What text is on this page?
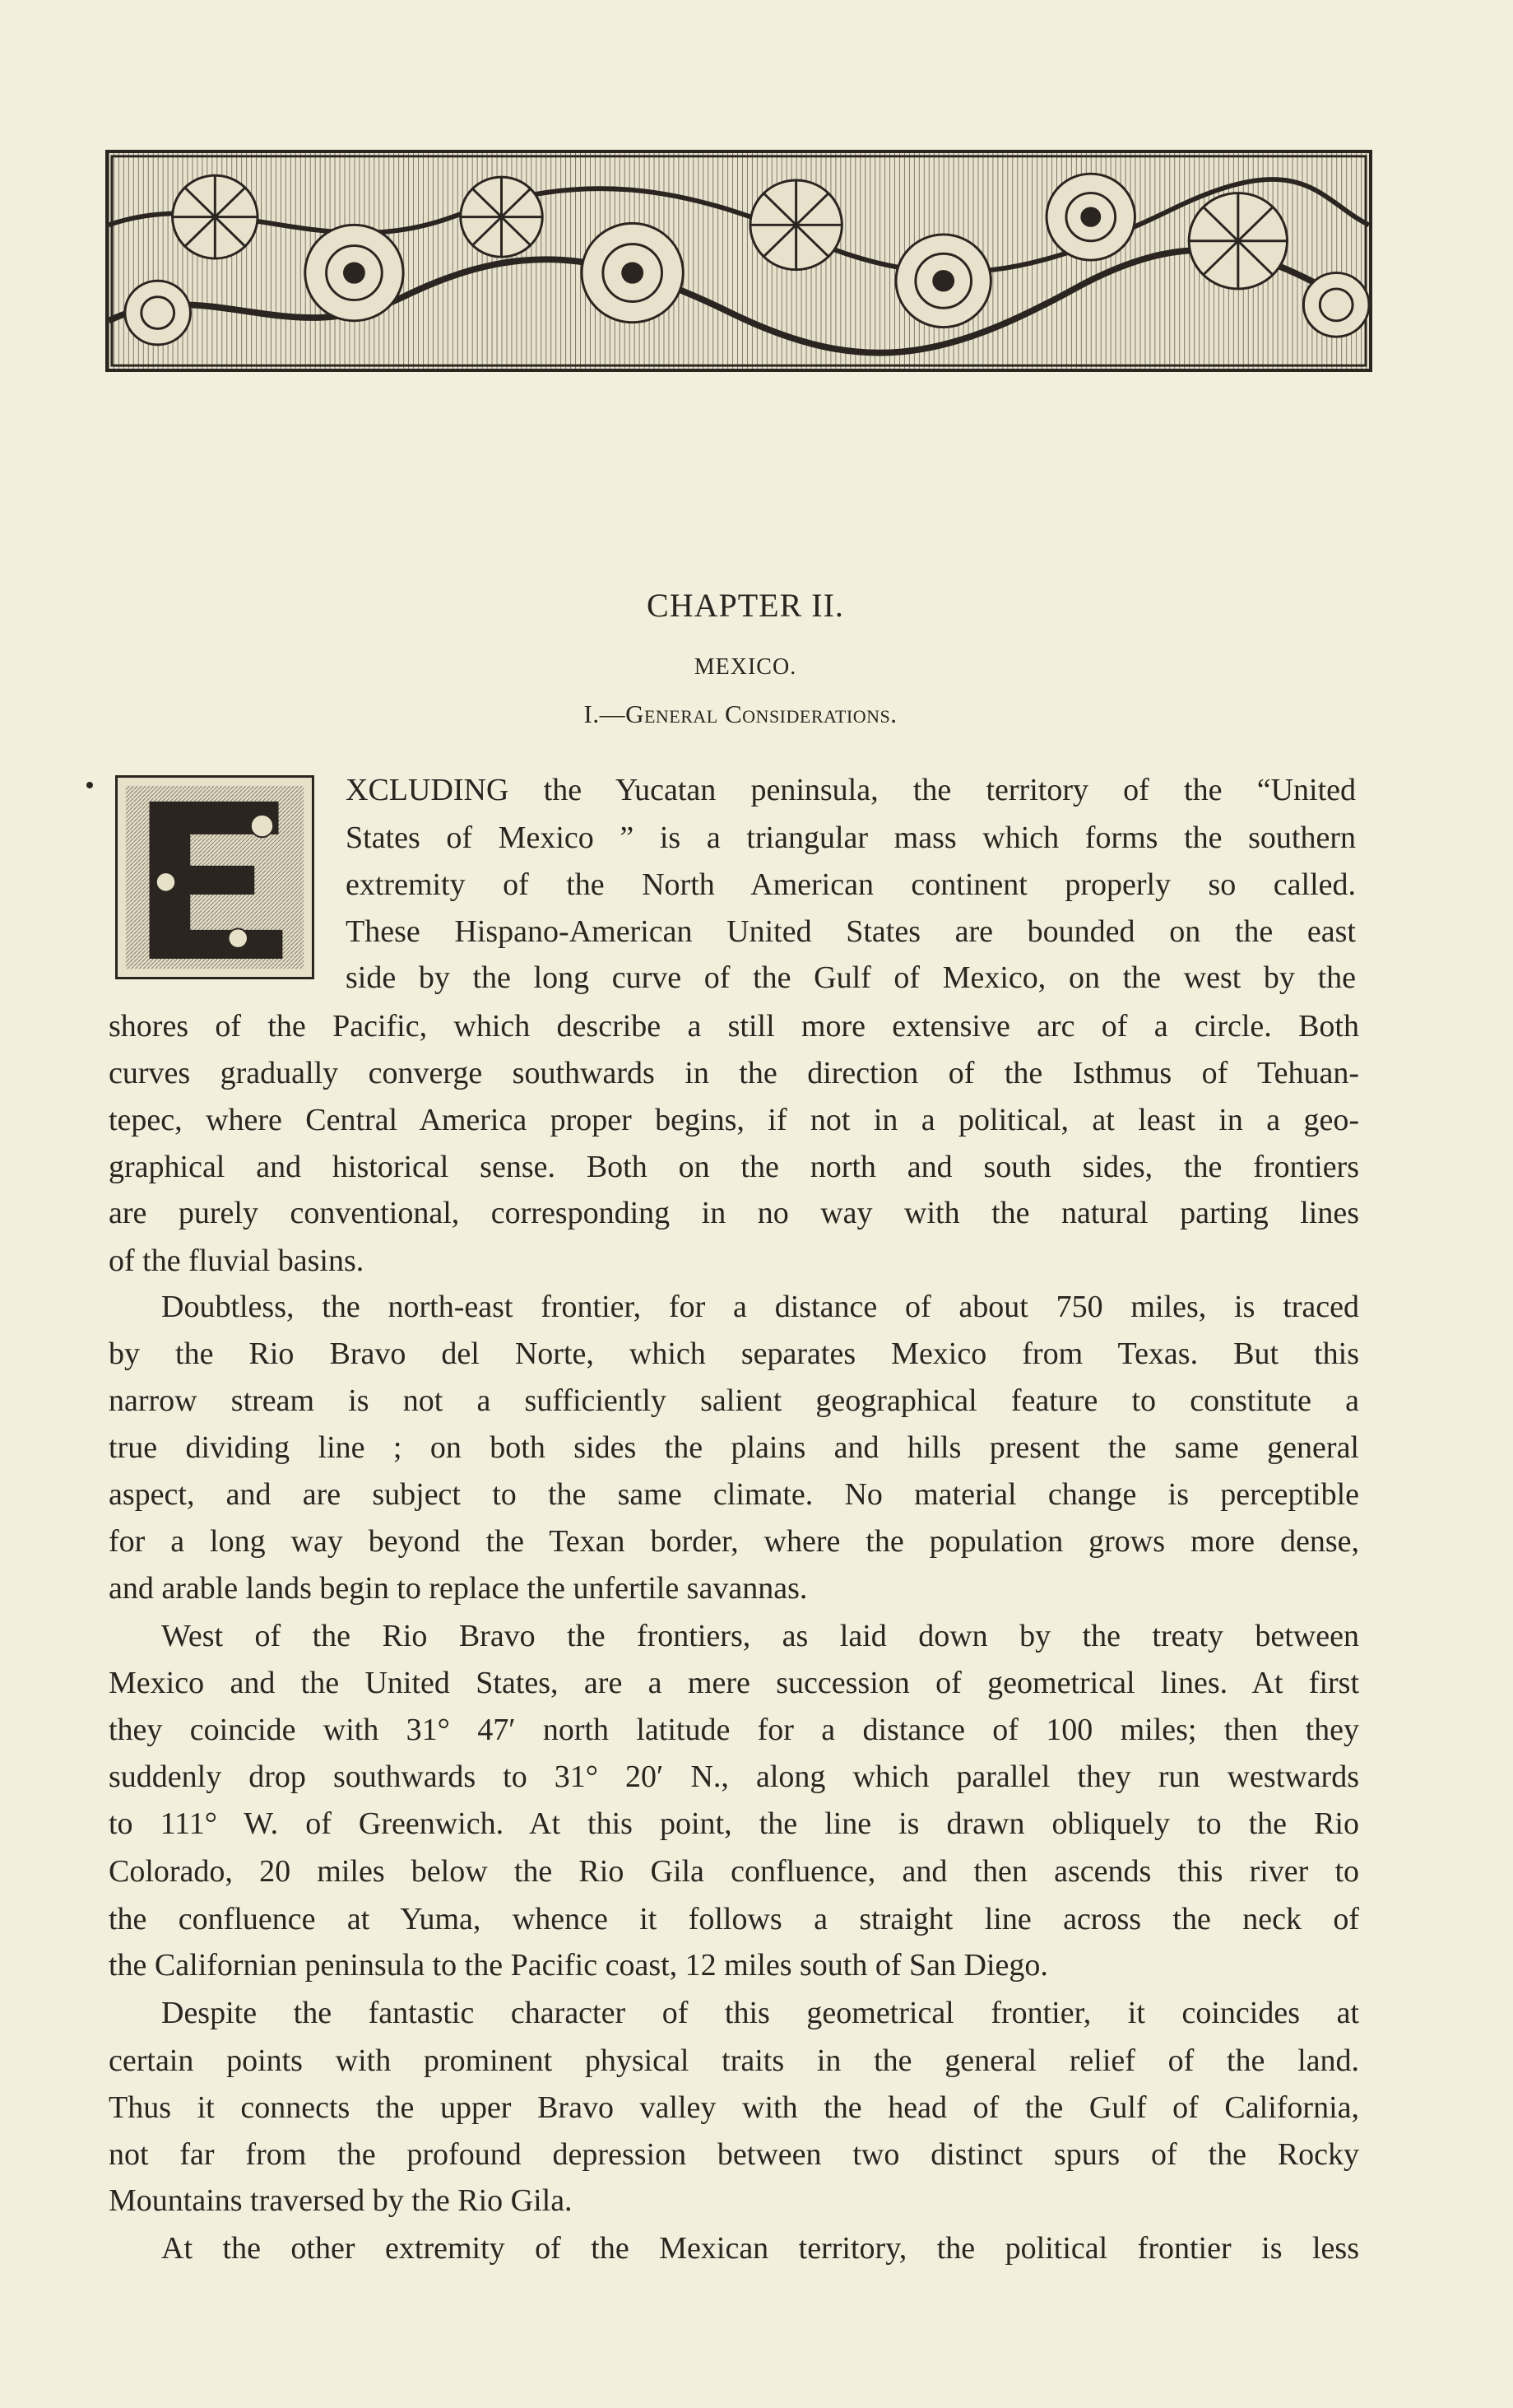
CHAPTER II.
MEXICO.
I.—General Considerations.
XCLUDING the Yucatan peninsula, the territory of the “United
States of Mexico ” is a triangular mass which forms the southern
extremity of the North American continent properly so called.
These Hispano-American United States are bounded on the east
side by the long curve of the Gulf of Mexico, on the west by the
shores of the Pacific, which describe a still more extensive arc of a circle. Both
curves gradually converge southwards in the direction of the Isthmus of Tehuan-
tepec, where Central America proper begins, if not in a political, at least in a geo-
graphical and historical sense. Both on the north and south sides, the frontiers
are purely conventional, corresponding in no way with the natural parting lines
of the fluvial basins.
Doubtless, the north-east frontier, for a distance of about 750 miles, is traced
by the Rio Bravo del Norte, which separates Mexico from Texas. But this
narrow stream is not a sufficiently salient geographical feature to constitute a
true dividing line ; on both sides the plains and hills present the same general
aspect, and are subject to the same climate. No material change is perceptible
for a long way beyond the Texan border, where the population grows more dense,
and arable lands begin to replace the unfertile savannas.
West of the Rio Bravo the frontiers, as laid down by the treaty between
Mexico and the United States, are a mere succession of geometrical lines. At first
they coincide with 31° 47′ north latitude for a distance of 100 miles; then they
suddenly drop southwards to 31° 20′ N., along which parallel they run westwards
to 111° W. of Greenwich. At this point, the line is drawn obliquely to the Rio
Colorado, 20 miles below the Rio Gila confluence, and then ascends this river to
the confluence at Yuma, whence it follows a straight line across the neck of
the Californian peninsula to the Pacific coast, 12 miles south of San Diego.
Despite the fantastic character of this geometrical frontier, it coincides at
certain points with prominent physical traits in the general relief of the land.
Thus it connects the upper Bravo valley with the head of the Gulf of California,
not far from the profound depression between two distinct spurs of the Rocky
Mountains traversed by the Rio Gila.
At the other extremity of the Mexican territory, the political frontier is less
